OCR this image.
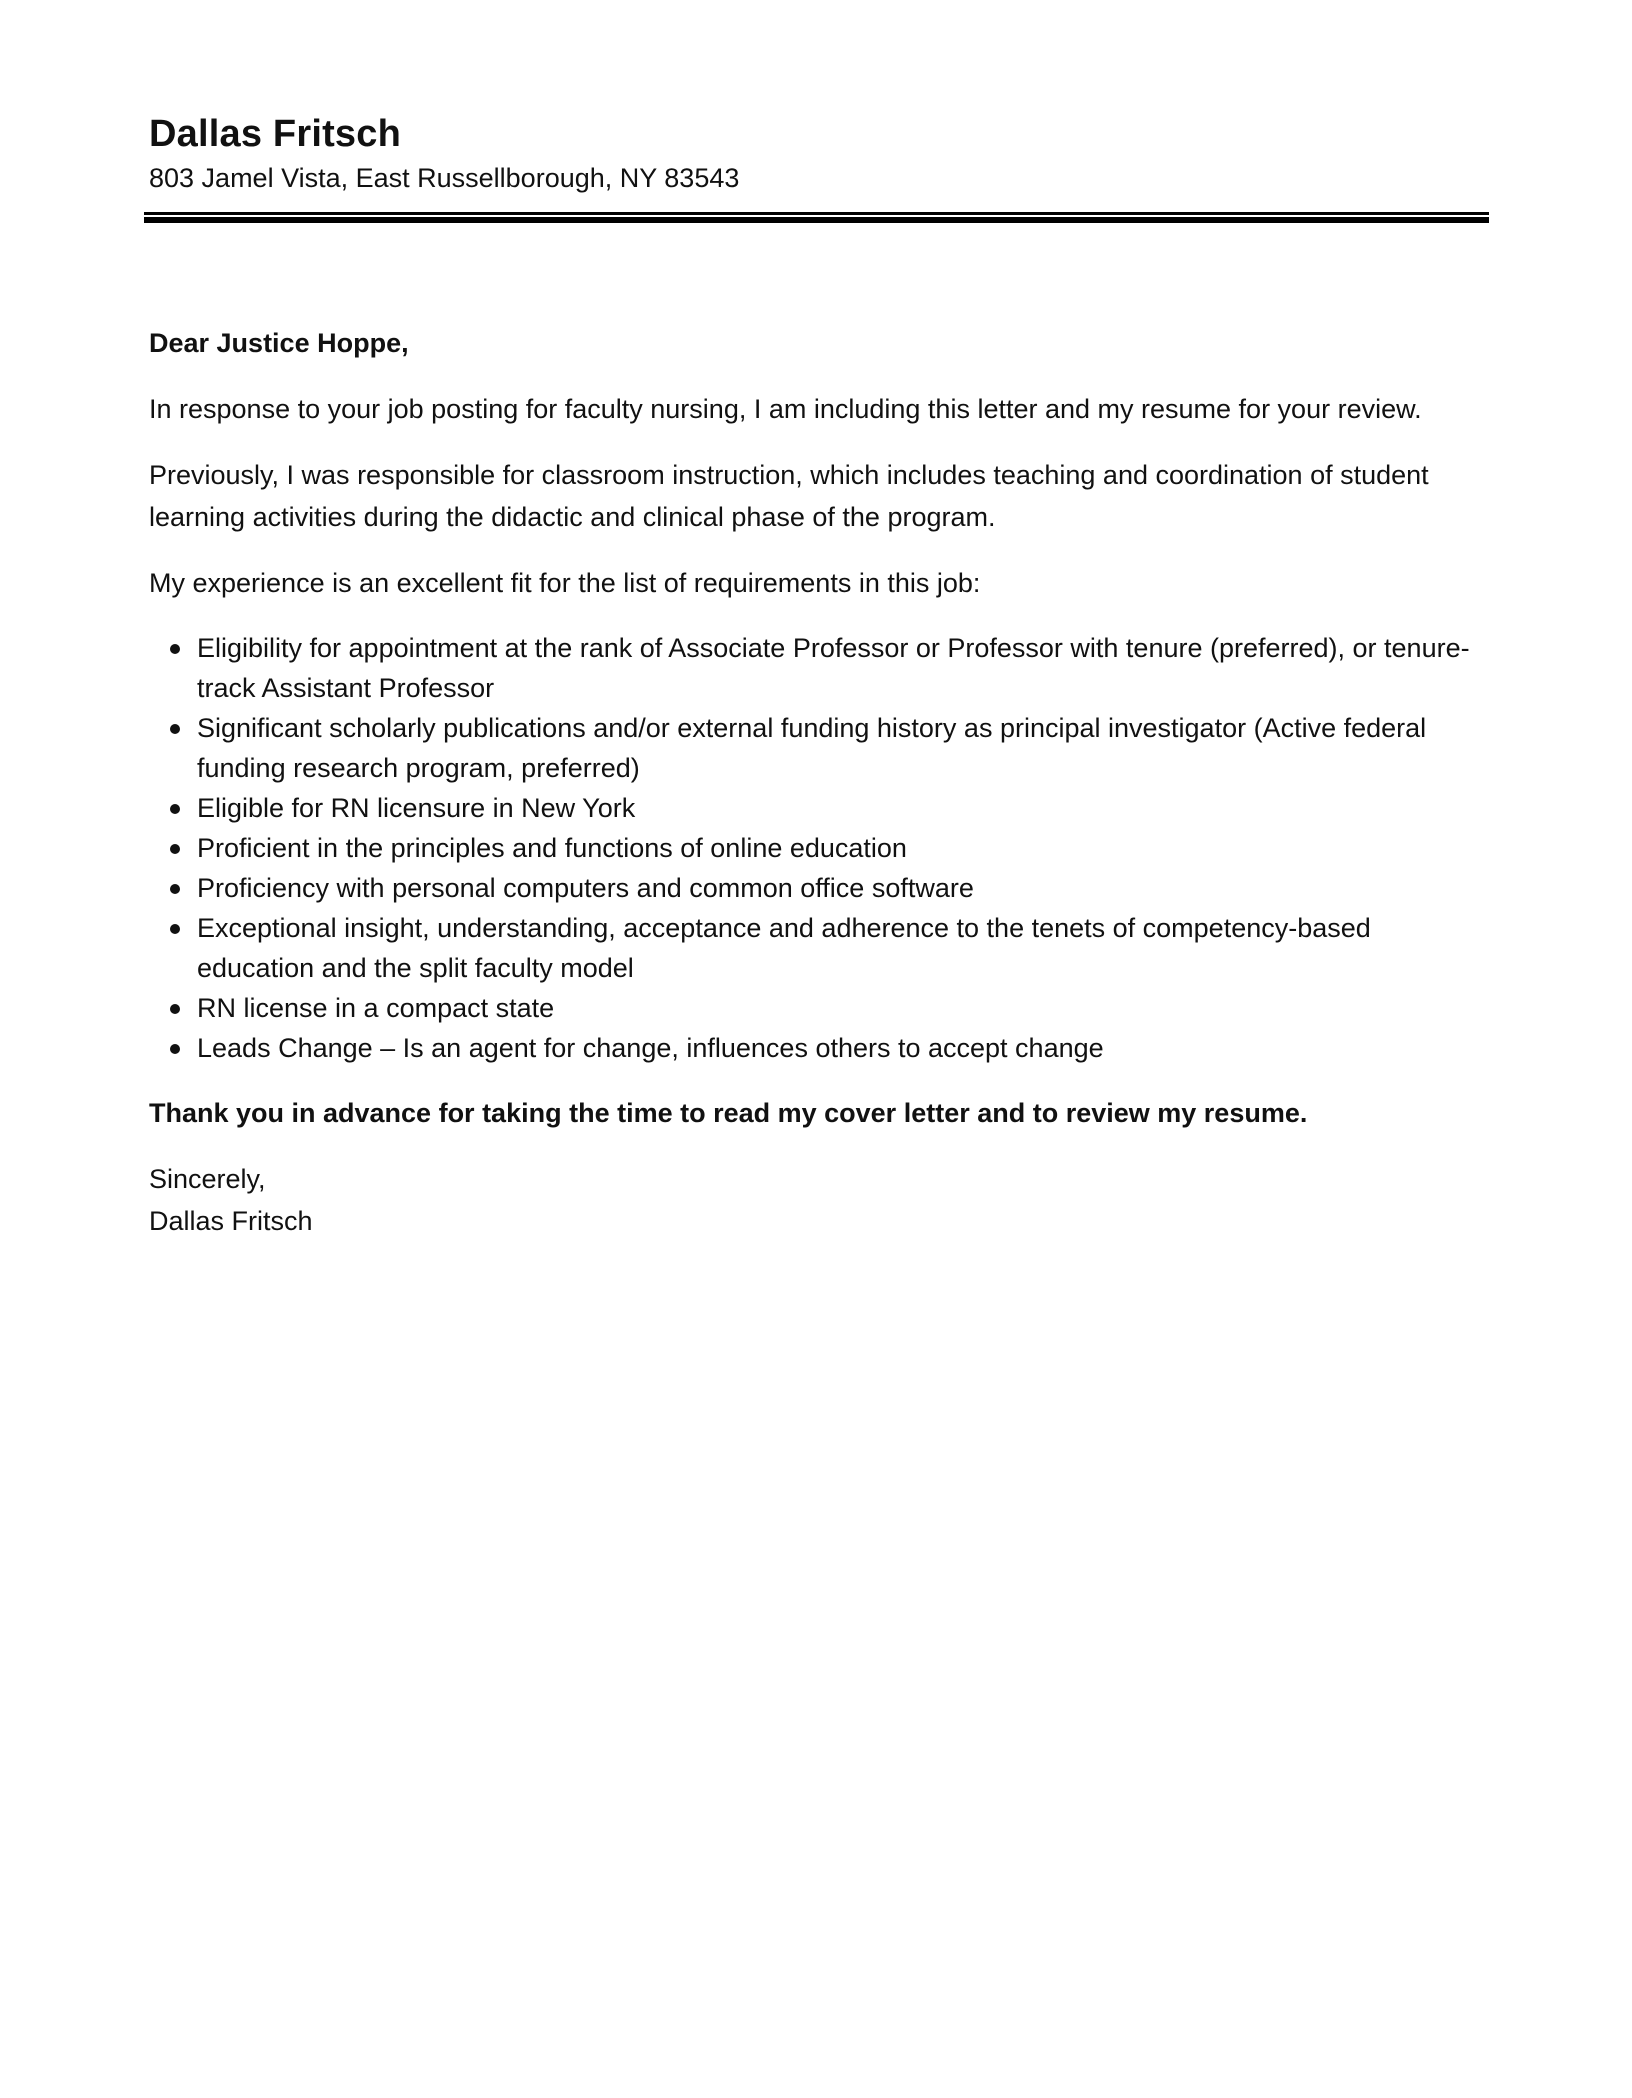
Dallas Fritsch

803 Jamel Vista, East Russellborough, NY 83543

Dear Justice Hoppe,

In response to your job posting for faculty nursing, I am including this letter and my resume for your review.

Previously, I was responsible for classroom instruction, which includes teaching and coordination of student learning activities during the didactic and clinical phase of the program.

My experience is an excellent fit for the list of requirements in this job:

Eligibility for appointment at the rank of Associate Professor or Professor with tenure (preferred), or tenure-track Assistant Professor
Significant scholarly publications and/or external funding history as principal investigator (Active federal funding research program, preferred)
Eligible for RN licensure in New York
Proficient in the principles and functions of online education
Proficiency with personal computers and common office software
Exceptional insight, understanding, acceptance and adherence to the tenets of competency-based education and the split faculty model
RN license in a compact state
Leads Change – Is an agent for change, influences others to accept change

Thank you in advance for taking the time to read my cover letter and to review my resume.

Sincerely,
Dallas Fritsch
